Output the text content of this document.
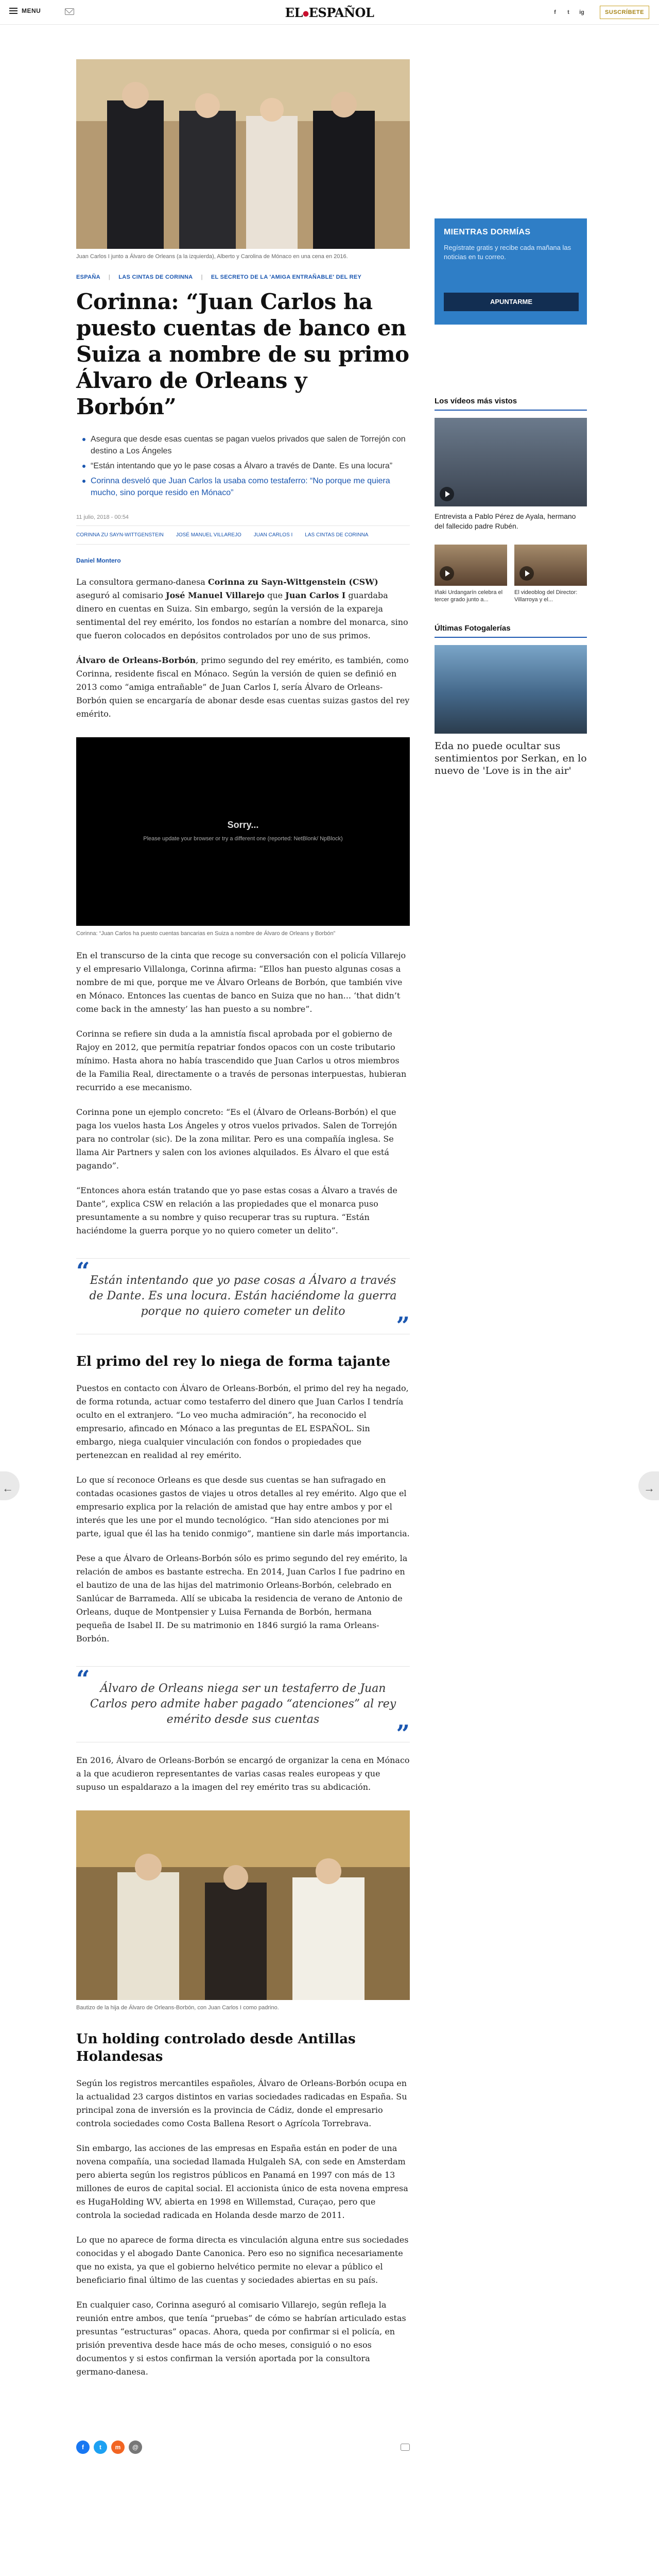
MENU	EL●ESPAÑOL	f	t	ig	SUSCRÍBETE

Juan Carlos I junto a Álvaro de Orleans (a la izquierda), Alberto y Carolina de Mónaco en una cena en 2016.

ESPAÑA | LAS CINTAS DE CORINNA | EL SECRETO DE LA 'AMIGA ENTRAÑABLE' DEL REY
Corinna: “Juan Carlos ha puesto cuentas de banco en Suiza a nombre de su primo Álvaro de Orleans y Borbón”
Asegura que desde esas cuentas se pagan vuelos privados que salen de Torrejón con destino a Los Ángeles
“Están intentando que yo le pase cosas a Álvaro a través de Dante. Es una locura”
Corinna desveló que Juan Carlos la usaba como testaferro: “No porque me quiera mucho, sino porque resido en Mónaco”
11 julio, 2018 - 00:54
CORINNA ZU SAYN-WITTGENSTEIN JOSÉ MANUEL VILLAREJO JUAN CARLOS I LAS CINTAS DE CORINNA
Daniel Montero

La consultora germano-danesa Corinna zu Sayn-Wittgenstein (CSW) aseguró al comisario José Manuel Villarejo que Juan Carlos I guardaba dinero en cuentas en Suiza. Sin embargo, según la versión de la expareja sentimental del rey emérito, los fondos no estarían a nombre del monarca, sino que fueron colocados en depósitos controlados por uno de sus primos.

Álvaro de Orleans-Borbón, primo segundo del rey emérito, es también, como Corinna, residente fiscal en Mónaco. Según la versión de quien se definió en 2013 como “amiga entrañable” de Juan Carlos I, sería Álvaro de Orleans-Borbón quien se encargaría de abonar desde esas cuentas suizas gastos del rey emérito.

Sorry...
Please update your browser or try a different one (reported: NetBlonk/ NpBlock)

Corinna: “Juan Carlos ha puesto cuentas bancarias en Suiza a nombre de Álvaro de Orleans y Borbón”

En el transcurso de la cinta que recoge su conversación con el policía Villarejo y el empresario Villalonga, Corinna afirma: “Ellos han puesto algunas cosas a nombre de mi que, porque me ve Álvaro Orleans de Borbón, que también vive en Mónaco. Entonces las cuentas de banco en Suiza que no han... ‘that didn’t come back in the amnesty’ las han puesto a su nombre”.

Corinna se refiere sin duda a la amnistía fiscal aprobada por el gobierno de Rajoy en 2012, que permitía repatriar fondos opacos con un coste tributario mínimo. Hasta ahora no había trascendido que Juan Carlos u otros miembros de la Familia Real, directamente o a través de personas interpuestas, hubieran recurrido a ese mecanismo.

Corinna pone un ejemplo concreto: “Es el (Álvaro de Orleans-Borbón) el que paga los vuelos hasta Los Ángeles y otros vuelos privados. Salen de Torrejón para no controlar (sic). De la zona militar. Pero es una compañía inglesa. Se llama Air Partners y salen con los aviones alquilados. Es Álvaro el que está pagando”.

“Entonces ahora están tratando que yo pase estas cosas a Álvaro a través de Dante”, explica CSW en relación a las propiedades que el monarca puso presuntamente a su nombre y quiso recuperar tras su ruptura. “Están haciéndome la guerra porque yo no quiero cometer un delito”.

“ Están intentando que yo pase cosas a Álvaro a través de Dante. Es una locura. Están haciéndome la guerra porque no quiero cometer un delito
”
El primo del rey lo niega de forma tajante

Puestos en contacto con Álvaro de Orleans-Borbón, el primo del rey ha negado, de forma rotunda, actuar como testaferro del dinero que Juan Carlos I tendría oculto en el extranjero. “Lo veo mucha admiración”, ha reconocido el empresario, afincado en Mónaco a las preguntas de EL ESPAÑOL. Sin embargo, niega cualquier vinculación con fondos o propiedades que pertenezcan en realidad al rey emérito.

Lo que sí reconoce Orleans es que desde sus cuentas se han sufragado en contadas ocasiones gastos de viajes u otros detalles al rey emérito. Algo que el empresario explica por la relación de amistad que hay entre ambos y por el interés que les une por el mundo tecnológico. “Han sido atenciones por mi parte, igual que él las ha tenido conmigo”, mantiene sin darle más importancia.

Pese a que Álvaro de Orleans-Borbón sólo es primo segundo del rey emérito, la relación de ambos es bastante estrecha. En 2014, Juan Carlos I fue padrino en el bautizo de una de las hijas del matrimonio Orleans-Borbón, celebrado en Sanlúcar de Barrameda. Allí se ubicaba la residencia de verano de Antonio de Orleans, duque de Montpensier y Luisa Fernanda de Borbón, hermana pequeña de Isabel II. De su matrimonio en 1846 surgió la rama Orleans-Borbón.

“ Álvaro de Orleans niega ser un testaferro de Juan Carlos pero admite haber pagado “atenciones” al rey emérito desde sus cuentas
”

En 2016, Álvaro de Orleans-Borbón se encargó de organizar la cena en Mónaco a la que acudieron representantes de varias casas reales europeas y que supuso un espaldarazo a la imagen del rey emérito tras su abdicación.

Bautizo de la hija de Álvaro de Orleans-Borbón, con Juan Carlos I como padrino.

Un holding controlado desde Antillas Holandesas

Según los registros mercantiles españoles, Álvaro de Orleans-Borbón ocupa en la actualidad 23 cargos distintos en varias sociedades radicadas en España. Su principal zona de inversión es la provincia de Cádiz, donde el empresario controla sociedades como Costa Ballena Resort o Agrícola Torrebrava.

Sin embargo, las acciones de las empresas en España están en poder de una novena compañía, una sociedad llamada Hulgaleh SA, con sede en Amsterdam pero abierta según los registros públicos en Panamá en 1997 con más de 13 millones de euros de capital social. El accionista único de esta novena empresa es HugaHolding WV, abierta en 1998 en Willemstad, Curaçao, pero que controla la sociedad radicada en Holanda desde marzo de 2011.

Lo que no aparece de forma directa es vinculación alguna entre sus sociedades conocidas y el abogado Dante Canonica. Pero eso no significa necesariamente que no exista, ya que el gobierno helvético permite no elevar a público el beneficiario final último de las cuentas y sociedades abiertas en su país.

En cualquier caso, Corinna aseguró al comisario Villarejo, según refleja la reunión entre ambos, que tenía “pruebas” de cómo se habrían articulado estas presuntas “estructuras” opacas. Ahora, queda por confirmar si el policía, en prisión preventiva desde hace más de ocho meses, consiguió o no esos documentos y si estos confirman la versión aportada por la consultora germano-danesa.

f	t	m	@
MIENTRAS DORMÍAS
Regístrate gratis y recibe cada mañana las noticias en tu correo.
APUNTARME
Los vídeos más vistos
Entrevista a Pablo Pérez de Ayala, hermano del fallecido padre Rubén.
Iñaki Urdangarín celebra el tercer grado junto a...
El videoblog del Director: Villarroya y el...
Últimas Fotogalerías
Eda no puede ocultar sus sentimientos por Serkan, en lo nuevo de 'Love is in the air'
←	→
